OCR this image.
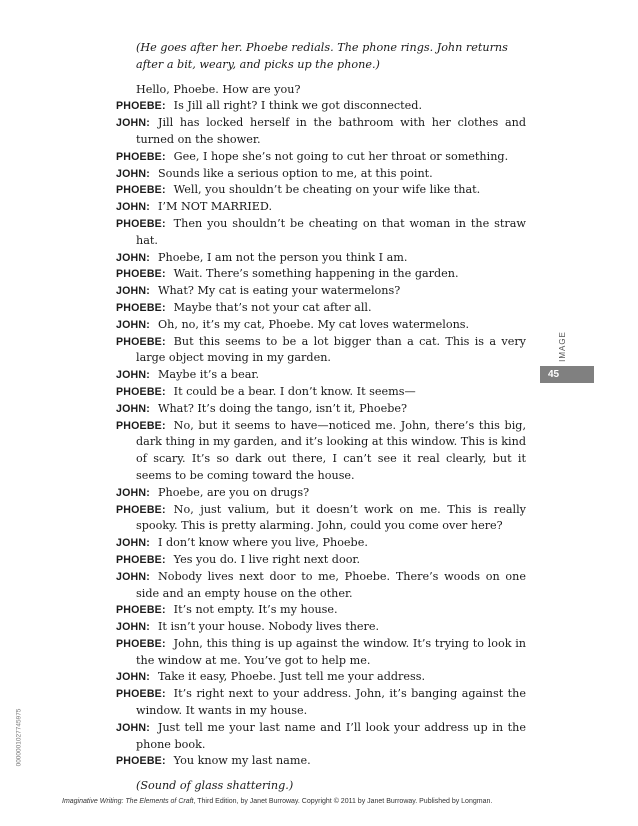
(He goes after her. Phoebe redials. The phone rings. John returns after a bit, weary, and picks up the phone.)

Hello, Phoebe. How are you?

PHOEBE: Is Jill all right? I think we got disconnected.

JOHN: Jill has locked herself in the bathroom with her clothes and turned on the shower.

PHOEBE: Gee, I hope she’s not going to cut her throat or something.

JOHN: Sounds like a serious option to me, at this point.

PHOEBE: Well, you shouldn’t be cheating on your wife like that.

JOHN: I’M NOT MARRIED.

PHOEBE: Then you shouldn’t be cheating on that woman in the straw hat.

JOHN: Phoebe, I am not the person you think I am.

PHOEBE: Wait. There’s something happening in the garden.

JOHN: What? My cat is eating your watermelons?

PHOEBE: Maybe that’s not your cat after all.

JOHN: Oh, no, it’s my cat, Phoebe. My cat loves watermelons.

PHOEBE: But this seems to be a lot bigger than a cat. This is a very large object moving in my garden.

JOHN: Maybe it’s a bear.

PHOEBE: It could be a bear. I don’t know. It seems—

JOHN: What? It’s doing the tango, isn’t it, Phoebe?

PHOEBE: No, but it seems to have—noticed me. John, there’s this big, dark thing in my garden, and it’s looking at this window. This is kind of scary. It’s so dark out there, I can’t see it real clearly, but it seems to be coming toward the house.

JOHN: Phoebe, are you on drugs?

PHOEBE: No, just valium, but it doesn’t work on me. This is really spooky. This is pretty alarming. John, could you come over here?

JOHN: I don’t know where you live, Phoebe.

PHOEBE: Yes you do. I live right next door.

JOHN: Nobody lives next door to me, Phoebe. There’s woods on one side and an empty house on the other.

PHOEBE: It’s not empty. It’s my house.

JOHN: It isn’t your house. Nobody lives there.

PHOEBE: John, this thing is up against the window. It’s trying to look in the window at me. You’ve got to help me.

JOHN: Take it easy, Phoebe. Just tell me your address.

PHOEBE: It’s right next to your address. John, it’s banging against the window. It wants in my house.

JOHN: Just tell me your last name and I’ll look your address up in the phone book.

PHOEBE: You know my last name.

(Sound of glass shattering.)

IMAGE
45
0000001027745975
Imaginative Writing: The Elements of Craft, Third Edition, by Janet Burroway. Copyright © 2011 by Janet Burroway. Published by Longman.
